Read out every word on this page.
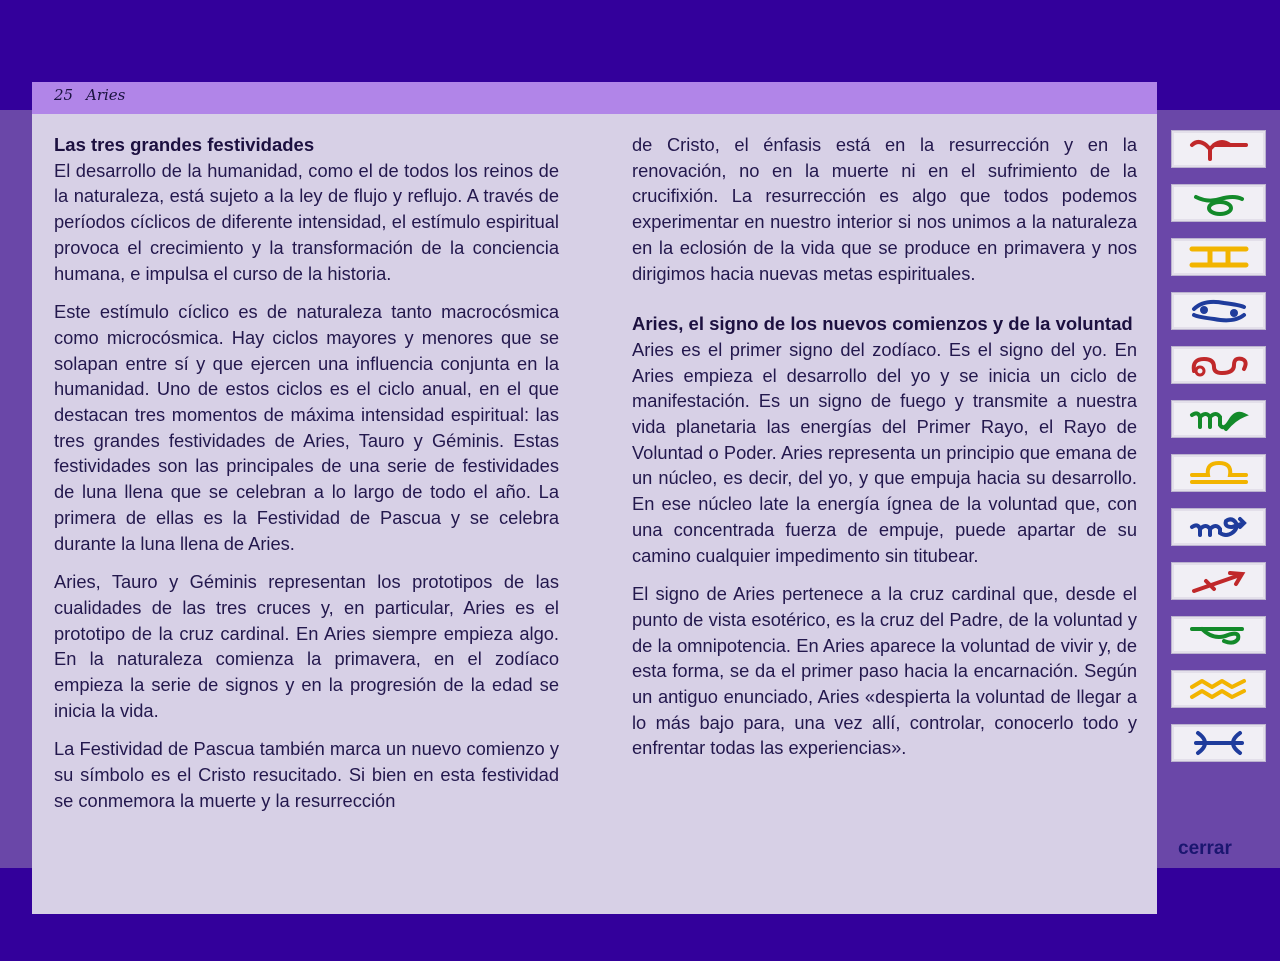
25 Aries
Las tres grandes festividades

El desarrollo de la humanidad, como el de todos los reinos de la naturaleza, está sujeto a la ley de flujo y reflujo. A través de períodos cíclicos de diferente intensidad, el estímulo espiritual provoca el crecimiento y la transformación de la conciencia humana, e impulsa el curso de la historia.

Este estímulo cíclico es de naturaleza tanto macrocósmica como microcósmica. Hay ciclos mayores y menores que se solapan entre sí y que ejercen una influencia conjunta en la humanidad. Uno de estos ciclos es el ciclo anual, en el que destacan tres momentos de máxima intensidad espiritual: las tres grandes festividades de Aries, Tauro y Géminis. Estas festividades son las principales de una serie de festividades de luna llena que se celebran a lo largo de todo el año. La primera de ellas es la Festividad de Pascua y se celebra durante la luna llena de Aries.

Aries, Tauro y Géminis representan los prototipos de las cualidades de las tres cruces y, en particular, Aries es el prototipo de la cruz cardinal. En Aries siempre empieza algo. En la naturaleza comienza la primavera, en el zodíaco empieza la serie de signos y en la progresión de la edad se inicia la vida.

La Festividad de Pascua también marca un nuevo comienzo y su símbolo es el Cristo resucitado. Si bien en esta festividad se conmemora la muerte y la resurrección

de Cristo, el énfasis está en la resurrección y en la renovación, no en la muerte ni en el sufrimiento de la crucifixión. La resurrección es algo que todos podemos experimentar en nuestro interior si nos unimos a la naturaleza en la eclosión de la vida que se produce en primavera y nos dirigimos hacia nuevas metas espirituales.

Aries, el signo de los nuevos comienzos y de la voluntad

Aries es el primer signo del zodíaco. Es el signo del yo. En Aries empieza el desarrollo del yo y se inicia un ciclo de manifestación. Es un signo de fuego y transmite a nuestra vida planetaria las energías del Primer Rayo, el Rayo de Voluntad o Poder. Aries representa un principio que emana de un núcleo, es decir, del yo, y que empuja hacia su desarrollo. En ese núcleo late la energía ígnea de la voluntad que, con una concentrada fuerza de empuje, puede apartar de su camino cualquier impedimento sin titubear.

El signo de Aries pertenece a la cruz cardinal que, desde el punto de vista esotérico, es la cruz del Padre, de la voluntad y de la omnipotencia. En Aries aparece la voluntad de vivir y, de esta forma, se da el primer paso hacia la encarnación. Según un antiguo enunciado, Aries «despierta la voluntad de llegar a lo más bajo para, una vez allí, controlar, conocerlo todo y enfrentar todas las experiencias».

cerrar
